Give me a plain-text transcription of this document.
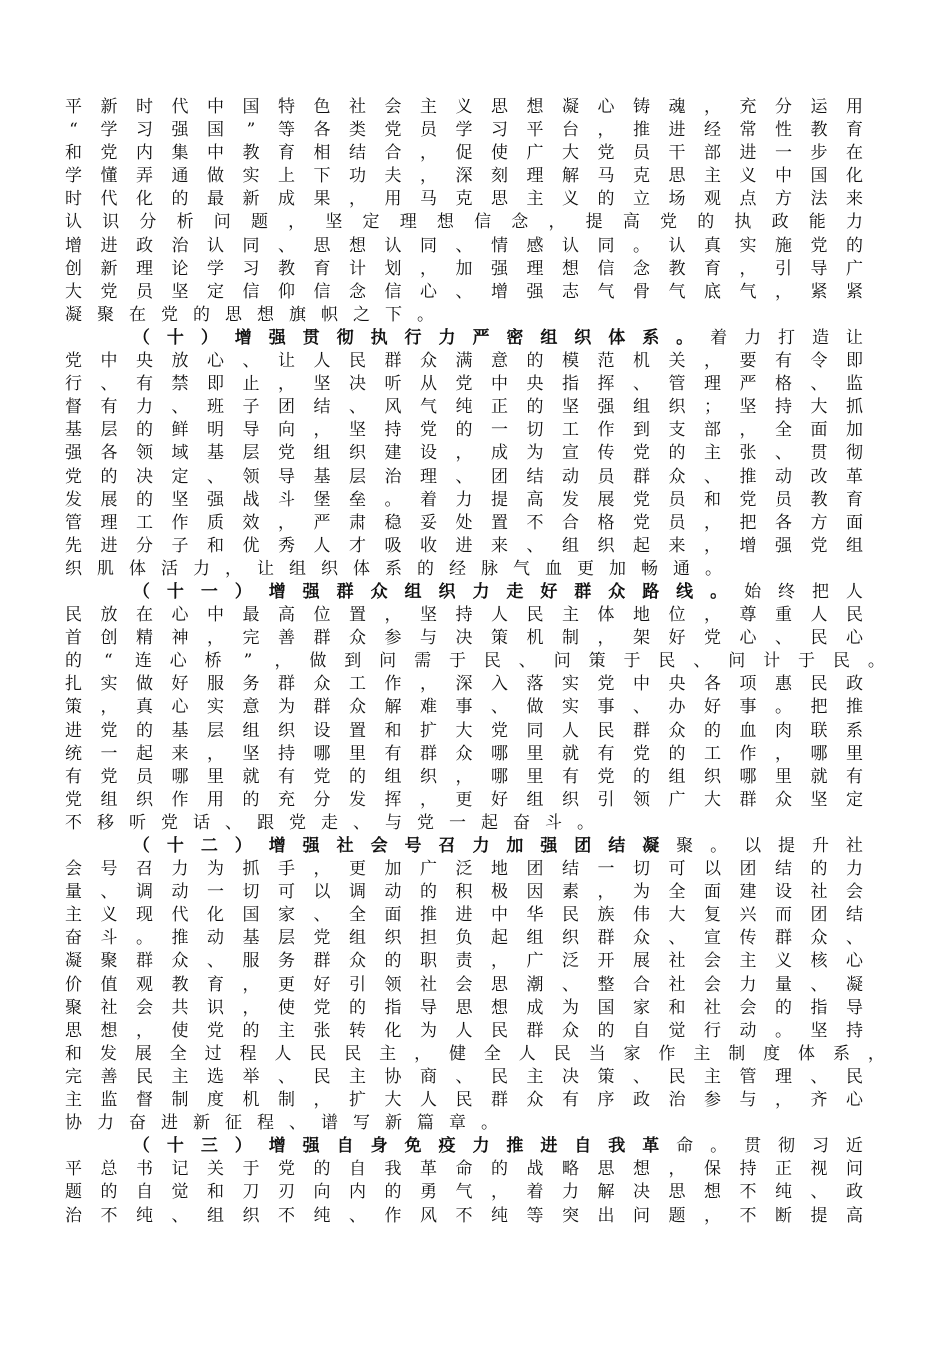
平 新 时 代 中 国 特 色 社 会 主 义 思 想 凝 心 铸 魂 ， 充 分 运 用
“	学 习 强 国	”	等 各 类 党 员 学 习 平 台 ， 推 进 经 常 性 教 育
和 党 内 集 中 教 育 相 结 合 ， 促 使 广 大 党 员 干 部 进 一 步 在
学 懂 弄 通 做 实 上 下 功 夫 ， 深 刻 理 解 马 克 思 主 义 中 国 化
时 代 化 的 最 新 成 果 ， 用 马 克 思 主 义 的 立 场 观 点 方 法 来
认 识 分 析 问 题 ， 坚 定 理 想 信 念 ， 提 高 党 的 执 政 能 力
增 进 政 治 认 同 、 思 想 认 同 、 情 感 认 同 。 认 真 实 施 党 的
创 新 理 论 学 习 教 育 计 划 ， 加 强 理 想 信 念 教 育 ， 引 导 广
大 党 员 坚 定 信 仰 信 念 信 心 、 增 强 志 气 骨 气 底 气 ， 紧 紧
凝 聚 在 党 的 思 想 旗 帜 之 下 。

（ 十 ） 增 强 贯 彻 执 行 力 严 密 组 织 体 系 。 着 力 打 造 让
党 中 央 放 心 、 让 人 民 群 众 满 意 的 模 范 机 关 ， 要 有 令 即
行 、 有 禁 即 止 ， 坚 决 听 从 党 中 央 指 挥 、 管 理 严 格 、 监
督 有 力 、 班 子 团 结 、 风 气 纯 正 的 坚 强 组 织 ； 坚 持 大 抓
基 层 的 鲜 明 导 向 ， 坚 持 党 的 一 切 工 作 到 支 部 ， 全 面 加
强 各 领 域 基 层 党 组 织 建 设 ， 成 为 宣 传 党 的 主 张 、 贯 彻
党 的 决 定 、 领 导 基 层 治 理 、 团 结 动 员 群 众 、 推 动 改 革
发 展 的 坚 强 战 斗 堡 垒 。 着 力 提 高 发 展 党 员 和 党 员 教 育
管 理 工 作 质 效 ， 严 肃 稳 妥 处 置 不 合 格 党 员 ， 把 各 方 面
先 进 分 子 和 优 秀 人 才 吸 收 进 来 、 组 织 起 来 ， 增 强 党 组
织 肌 体 活 力 ， 让 组 织 体 系 的 经 脉 气 血 更 加 畅 通 。

（ 十 一 ） 增 强 群 众 组 织 力 走 好 群 众 路 线 。 始 终 把 人
民 放 在 心 中 最 高 位 置 ， 坚 持 人 民 主 体 地 位 ， 尊 重 人 民
首 创 精 神 ， 完 善 群 众 参 与 决 策 机 制 ， 架 好 党 心 、 民 心
的	“	连 心 桥	”	， 做 到 问 需 于 民 、 问 策 于 民 、 问 计 于 民 。
扎 实 做 好 服 务 群 众 工 作 ， 深 入 落 实 党 中 央 各 项 惠 民 政
策 ， 真 心 实 意 为 群 众 解 难 事 、 做 实 事 、 办 好 事 。 把 推
进 党 的 基 层 组 织 设 置 和 扩 大 党 同 人 民 群 众 的 血 肉 联 系
统 一 起 来 ， 坚 持 哪 里 有 群 众 哪 里 就 有 党 的 工 作 ， 哪 里
有 党 员 哪 里 就 有 党 的 组 织 ， 哪 里 有 党 的 组 织 哪 里 就 有
党 组 织 作 用 的 充 分 发 挥 ， 更 好 组 织 引 领 广 大 群 众 坚 定
不 移 听 党 话 、 跟 党 走 、 与 党 一 起 奋 斗 。

（ 十 二 ） 增 强 社 会 号 召 力 加 强 团 结 凝 聚 。 以 提 升 社
会 号 召 力 为 抓 手 ， 更 加 广 泛 地 团 结 一 切 可 以 团 结 的 力
量 、 调 动 一 切 可 以 调 动 的 积 极 因 素 ， 为 全 面 建 设 社 会
主 义 现 代 化 国 家 、 全 面 推 进 中 华 民 族 伟 大 复 兴 而 团 结
奋 斗 。 推 动 基 层 党 组 织 担 负 起 组 织 群 众 、 宣 传 群 众 、
凝 聚 群 众 、 服 务 群 众 的 职 责 ， 广 泛 开 展 社 会 主 义 核 心
价 值 观 教 育 ， 更 好 引 领 社 会 思 潮 、 整 合 社 会 力 量 、 凝
聚 社 会 共 识 ， 使 党 的 指 导 思 想 成 为 国 家 和 社 会 的 指 导
思 想 ， 使 党 的 主 张 转 化 为 人 民 群 众 的 自 觉 行 动 。 坚 持
和 发 展 全 过 程 人 民 民 主 ， 健 全 人 民 当 家 作 主 制 度 体 系 ，
完 善 民 主 选 举 、 民 主 协 商 、 民 主 决 策 、 民 主 管 理 、 民
主 监 督 制 度 机 制 ， 扩 大 人 民 群 众 有 序 政 治 参 与 ， 齐 心
协 力 奋 进 新 征 程 、 谱 写 新 篇 章 。

（ 十 三 ） 增 强 自 身 免 疫 力 推 进 自 我 革 命 。 贯 彻 习 近
平 总 书 记 关 于 党 的 自 我 革 命 的 战 略 思 想 ， 保 持 正 视 问
题 的 自 觉 和 刀 刃 向 内 的 勇 气 ， 着 力 解 决 思 想 不 纯 、 政
治 不 纯 、 组 织 不 纯 、 作 风 不 纯 等 突 出 问 题 ， 不 断 提 高
